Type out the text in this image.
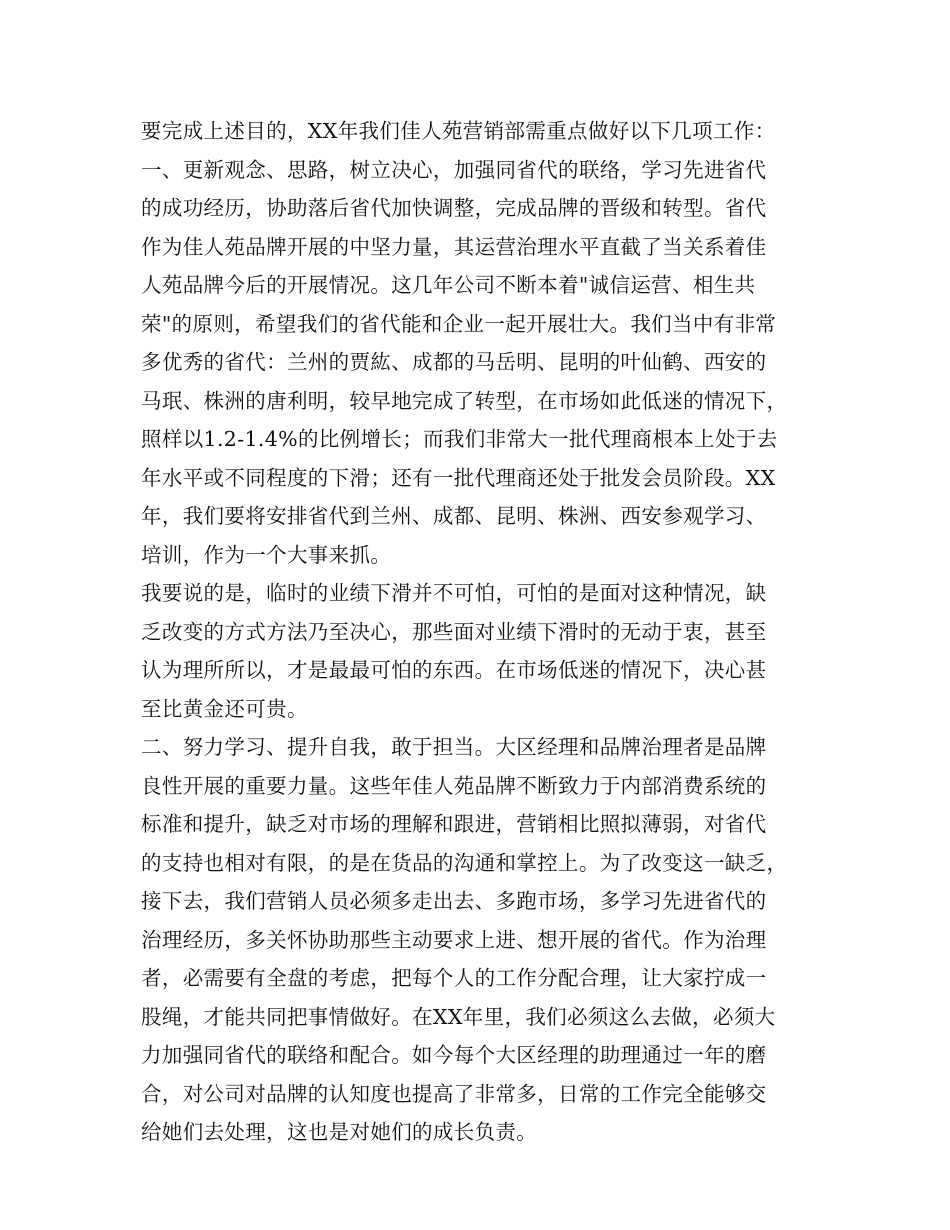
要完成上述目的，XX年我们佳人苑营销部需重点做好以下几项工作：
一、更新观念、思路，树立决心，加强同省代的联络，学习先进省代
的成功经历，协助落后省代加快调整，完成品牌的晋级和转型。省代
作为佳人苑品牌开展的中坚力量，其运营治理水平直截了当关系着佳
人苑品牌今后的开展情况。这几年公司不断本着"诚信运营、相生共
荣"的原则，希望我们的省代能和企业一起开展壮大。我们当中有非常
多优秀的省代：兰州的贾紘、成都的马岳明、昆明的叶仙鹤、西安的
马珉、株洲的唐利明，较早地完成了转型，在市场如此低迷的情况下，
照样以1.2-1.4%的比例增长；而我们非常大一批代理商根本上处于去
年水平或不同程度的下滑；还有一批代理商还处于批发会员阶段。XX
年，我们要将安排省代到兰州、成都、昆明、株洲、西安参观学习、
培训，作为一个大事来抓。
我要说的是，临时的业绩下滑并不可怕，可怕的是面对这种情况，缺
乏改变的方式方法乃至决心，那些面对业绩下滑时的无动于衷，甚至
认为理所所以，才是最最可怕的东西。在市场低迷的情况下，决心甚
至比黄金还可贵。
二、努力学习、提升自我，敢于担当。大区经理和品牌治理者是品牌
良性开展的重要力量。这些年佳人苑品牌不断致力于内部消费系统的
标准和提升，缺乏对市场的理解和跟进，营销相比照拟薄弱，对省代
的支持也相对有限，的是在货品的沟通和掌控上。为了改变这一缺乏，
接下去，我们营销人员必须多走出去、多跑市场，多学习先进省代的
治理经历，多关怀协助那些主动要求上进、想开展的省代。作为治理
者，必需要有全盘的考虑，把每个人的工作分配合理，让大家拧成一
股绳，才能共同把事情做好。在XX年里，我们必须这么去做，必须大
力加强同省代的联络和配合。如今每个大区经理的助理通过一年的磨
合，对公司对品牌的认知度也提高了非常多，日常的工作完全能够交
给她们去处理，这也是对她们的成长负责。
